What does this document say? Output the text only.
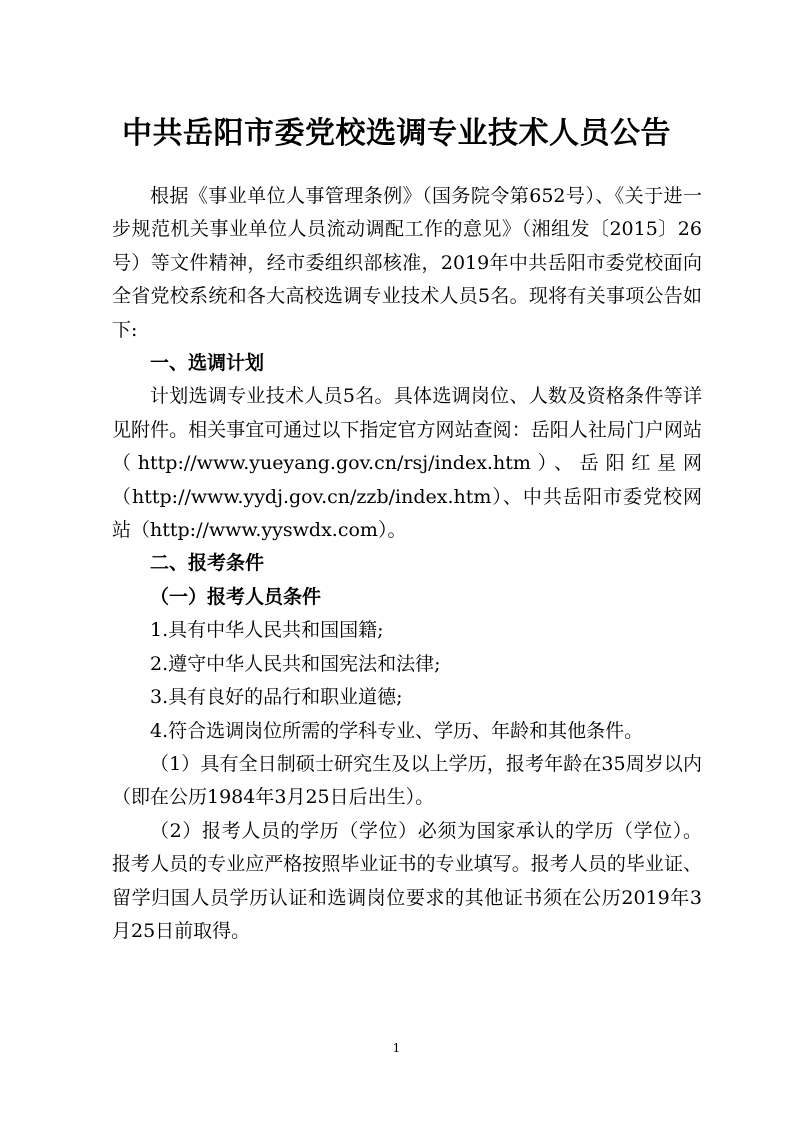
中共岳阳市委党校选调专业技术人员公告

根据《事业单位人事管理条例》（国务院令第652号）、《关于进一步规范机关事业单位人员流动调配工作的意见》（湘组发〔2015〕26号）等文件精神，经市委组织部核准，2019年中共岳阳市委党校面向全省党校系统和各大高校选调专业技术人员5名。现将有关事项公告如下:

一、选调计划

计划选调专业技术人员5名。具体选调岗位、人数及资格条件等详见附件。相关事宜可通过以下指定官方网站查阅：岳阳人社局门户网站（http://www.yueyang.gov.cn/rsj/index.htm）、岳阳红星网（http://www.yydj.gov.cn/zzb/index.htm）、中共岳阳市委党校网站（http://www.yyswdx.com）。

二、报考条件

（一）报考人员条件

1.具有中华人民共和国国籍;

2.遵守中华人民共和国宪法和法律;

3.具有良好的品行和职业道德;

4.符合选调岗位所需的学科专业、学历、年龄和其他条件。

（1）具有全日制硕士研究生及以上学历，报考年龄在35周岁以内（即在公历1984年3月25日后出生）。

（2）报考人员的学历（学位）必须为国家承认的学历（学位）。报考人员的专业应严格按照毕业证书的专业填写。报考人员的毕业证、留学归国人员学历认证和选调岗位要求的其他证书须在公历2019年3月25日前取得。

1
